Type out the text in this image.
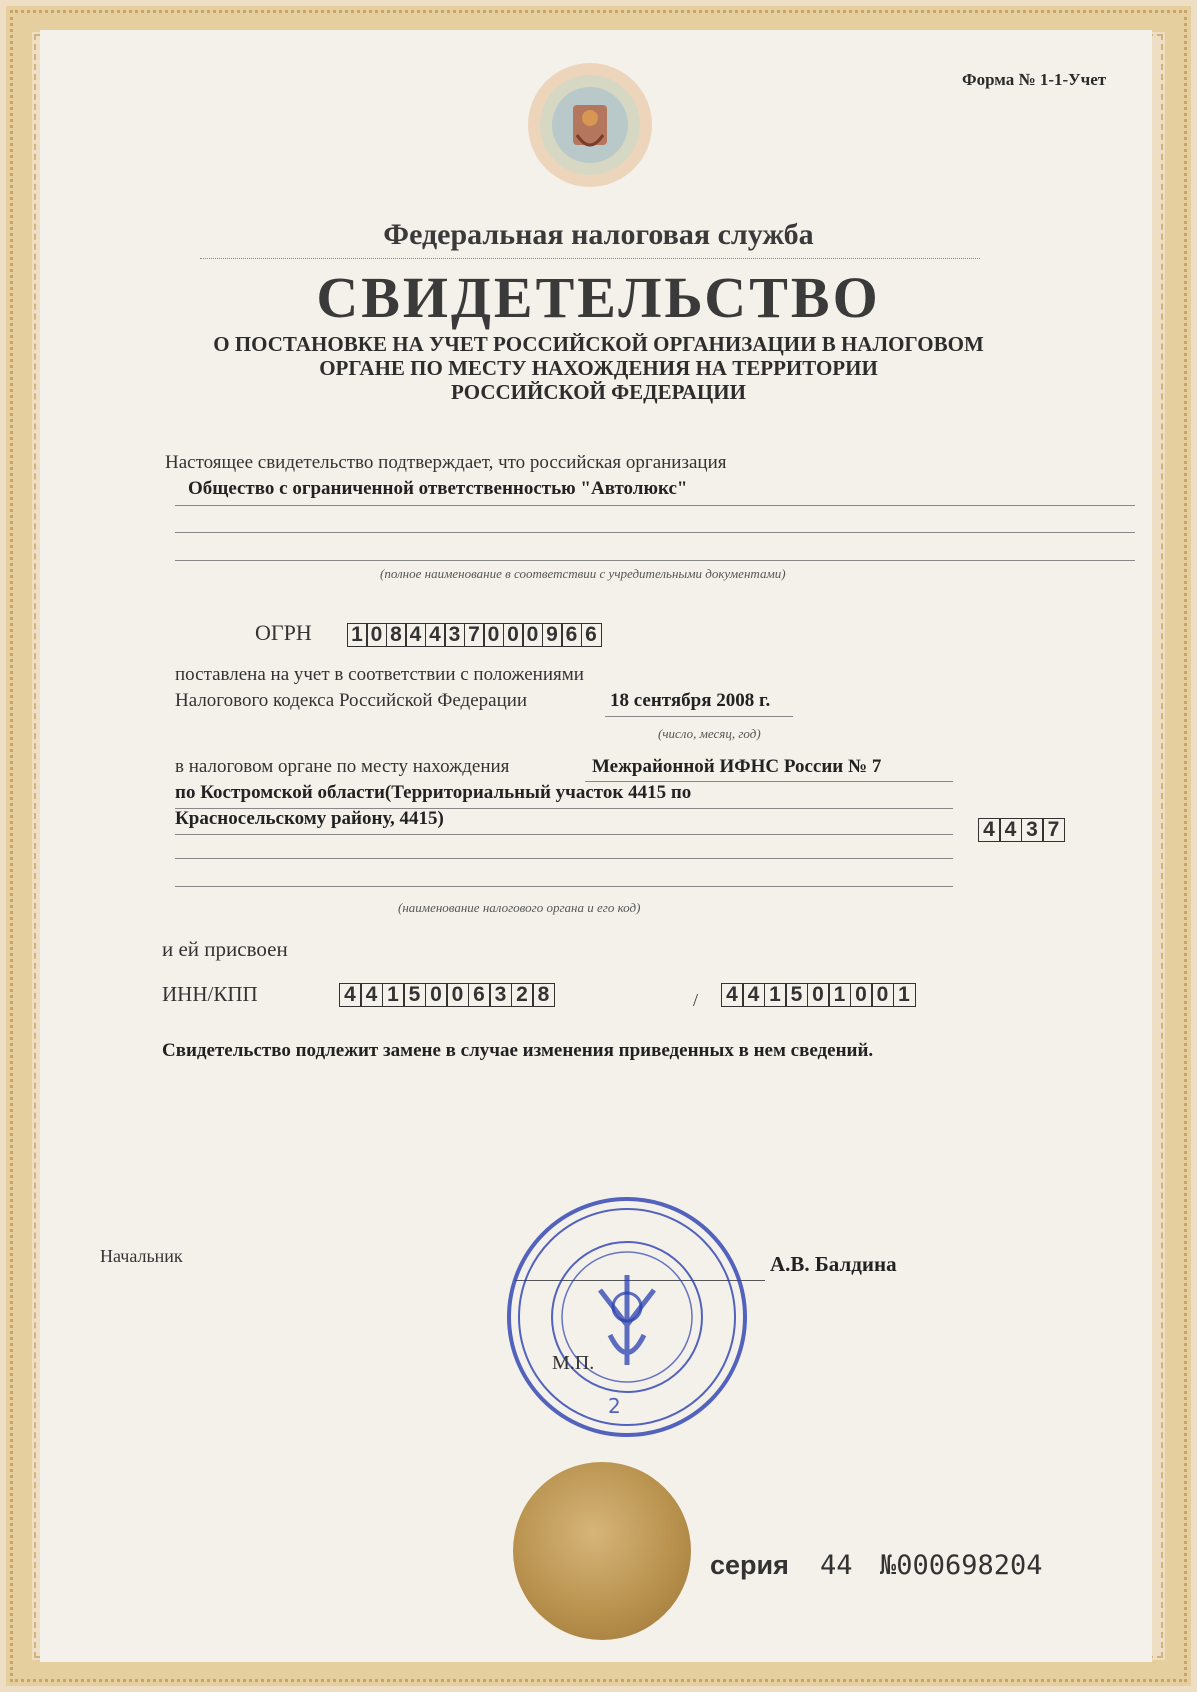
Форма № 1-1-Учет
Федеральная налоговая служба
СВИДЕТЕЛЬСТВО
О ПОСТАНОВКЕ НА УЧЕТ РОССИЙСКОЙ ОРГАНИЗАЦИИ В НАЛОГОВОМ
ОРГАНЕ ПО МЕСТУ НАХОЖДЕНИЯ НА ТЕРРИТОРИИ
РОССИЙСКОЙ ФЕДЕРАЦИИ
Настоящее свидетельство подтверждает, что российская организация
Общество с ограниченной ответственностью "Автолюкс"
(полное наименование в соответствии с учредительными документами)
ОГРН 1 0 8 4 4 3 7 0 0 0 9 6 6
поставлена на учет в соответствии с положениями
Налогового кодекса Российской Федерации	18 сентября 2008 г.
(число, месяц, год)
в налоговом органе по месту нахождения	Межрайонной ИФНС России № 7
по Костромской области(Территориальный участок 4415 по
Красносельскому району, 4415)	4 4 3 7
(наименование налогового органа и его код)
и ей присвоен
ИНН/КПП	4 4 1 5 0 0 6 3 2 8	/ 4 4 1 5 0 1 0 0 1
Свидетельство подлежит замене в случае изменения приведенных в нем сведений.
Начальник	А.В. Балдина
2
М.П.
серия 44 №000698204
